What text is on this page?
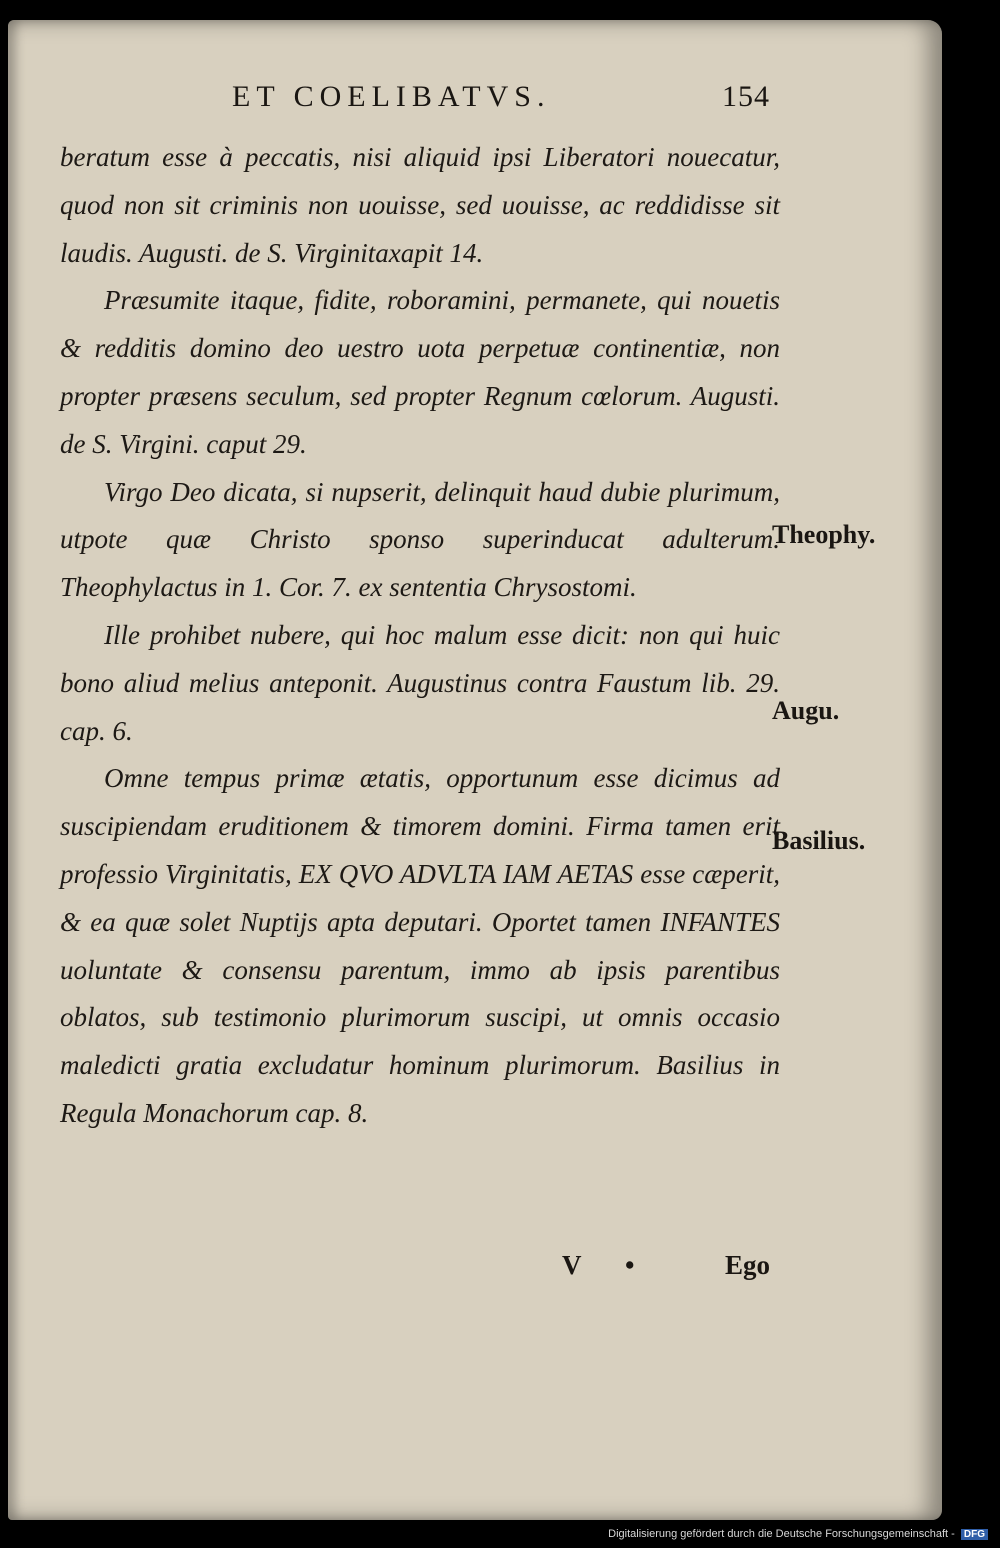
ET COELIBATVS.	154

beratum esse à peccatis, nisi aliquid ipsi Liberatori nouecatur, quod non sit criminis non uouisse, sed uouisse, ac reddidisse sit laudis. Augusti. de S. Virginitaxapit 14.

Præsumite itaque, fidite, roboramini, permanete, qui nouetis & redditis domino deo uestro uota perpetuæ continentiæ, non propter præsens seculum, sed propter Regnum cœlorum. Augusti. de S. Virgini. caput 29.

Virgo Deo dicata, si nupserit, delinquit haud dubie plurimum, utpote quæ Christo sponso superinducat adulterum. Theophylactus in 1. Cor. 7. ex sententia Chrysostomi.

Ille prohibet nubere, qui hoc malum esse dicit: non qui huic bono aliud melius anteponit. Augustinus contra Faustum lib. 29. cap. 6.

Omne tempus primæ ætatis, opportunum esse dicimus ad suscipiendam eruditionem & timorem domini. Firma tamen erit professio Virginitatis, EX QVO ADVLTA IAM AETAS esse cæperit, & ea quæ solet Nuptijs apta deputari. Oportet tamen INFANTES uoluntate & consensu parentum, immo ab ipsis parentibus oblatos, sub testimonio plurimorum suscipi, ut omnis occasio maledicti gratia excludatur hominum plurimorum. Basilius in Regula Monachorum cap. 8.

Theophy.
Augu.
Basilius.
V •	Ego
Digitalisierung gefördert durch die Deutsche Forschungsgemeinschaft - DFG
